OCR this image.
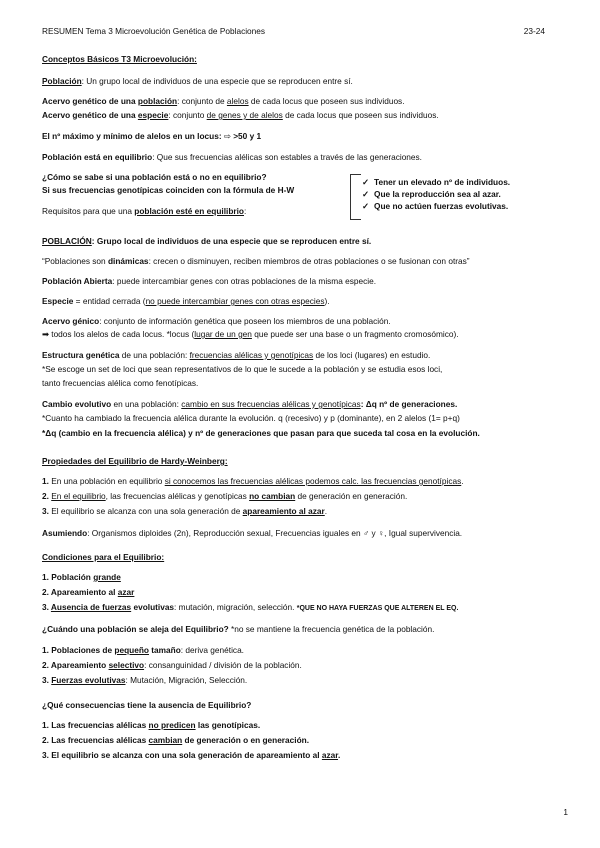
RESUMEN Tema 3 Microevolución Genética de Poblaciones	23-24
Conceptos Básicos T3 Microevolución:
Población: Un grupo local de individuos de una especie que se reproducen entre sí.
Acervo genético de una población: conjunto de alelos de cada locus que poseen sus individuos.
Acervo genético de una especie: conjunto de genes y de alelos de cada locus que poseen sus individuos.
El nº máximo y mínimo de alelos en un locus: ⇨ >50 y 1
Población está en equilibrio: Que sus frecuencias alélicas son estables a través de las generaciones.
¿Cómo se sabe si una población está o no en equilibrio?
Si sus frecuencias genotípicas coinciden con la fórmula de H-W
Requisitos para que una población esté en equilibrio:
✓ Tener un elevado nº de individuos.
✓ Que la reproducción sea al azar.
✓ Que no actúen fuerzas evolutivas.
POBLACIÓN: Grupo local de individuos de una especie que se reproducen entre sí.
“Poblaciones son dinámicas: crecen o disminuyen, reciben miembros de otras poblaciones o se fusionan con otras”
Población Abierta: puede intercambiar genes con otras poblaciones de la misma especie.
Especie = entidad cerrada (no puede intercambiar genes con otras especies).
Acervo génico: conjunto de información genética que poseen los miembros de una población.
➡ todos los alelos de cada locus. *locus (lugar de un gen que puede ser una base o un fragmento cromosómico).
Estructura genética de una población: frecuencias alélicas y genotípicas de los loci (lugares) en estudio.
*Se escoge un set de loci que sean representativos de lo que le sucede a la población y se estudia esos loci,
tanto frecuencias alélica como fenotípicas.
Cambio evolutivo en una población: cambio en sus frecuencias alélicas y genotípicas: Δq nº de generaciones.
*Cuanto ha cambiado la frecuencia alélica durante la evolución. q (recesivo) y p (dominante), en 2 alelos (1= p+q)
*Δq (cambio en la frecuencia alélica) y nº de generaciones que pasan para que suceda tal cosa en la evolución.
Propiedades del Equilibrio de Hardy-Weinberg:
1. En una población en equilibrio si conocemos las frecuencias alélicas podemos calc. las frecuencias genotípicas.
2. En el equilibrio, las frecuencias alélicas y genotípicas no cambian de generación en generación.
3. El equilibrio se alcanza con una sola generación de apareamiento al azar.
Asumiendo: Organismos diploides (2n), Reproducción sexual, Frecuencias iguales en ♂ y ♀, Igual supervivencia.
Condiciones para el Equilibrio:
1. Población grande
2. Apareamiento al azar
3. Ausencia de fuerzas evolutivas: mutación, migración, selección. *QUE NO HAYA FUERZAS QUE ALTEREN EL EQ.
¿Cuándo una población se aleja del Equilibrio? *no se mantiene la frecuencia genética de la población.
1. Poblaciones de pequeño tamaño: deriva genética.
2. Apareamiento selectivo: consanguinidad / división de la población.
3. Fuerzas evolutivas: Mutación, Migración, Selección.
¿Qué consecuencias tiene la ausencia de Equilibrio?
1. Las frecuencias alélicas no predicen las genotípicas.
2. Las frecuencias alélicas cambian de generación o en generación.
3. El equilibrio se alcanza con una sola generación de apareamiento al azar.
1
